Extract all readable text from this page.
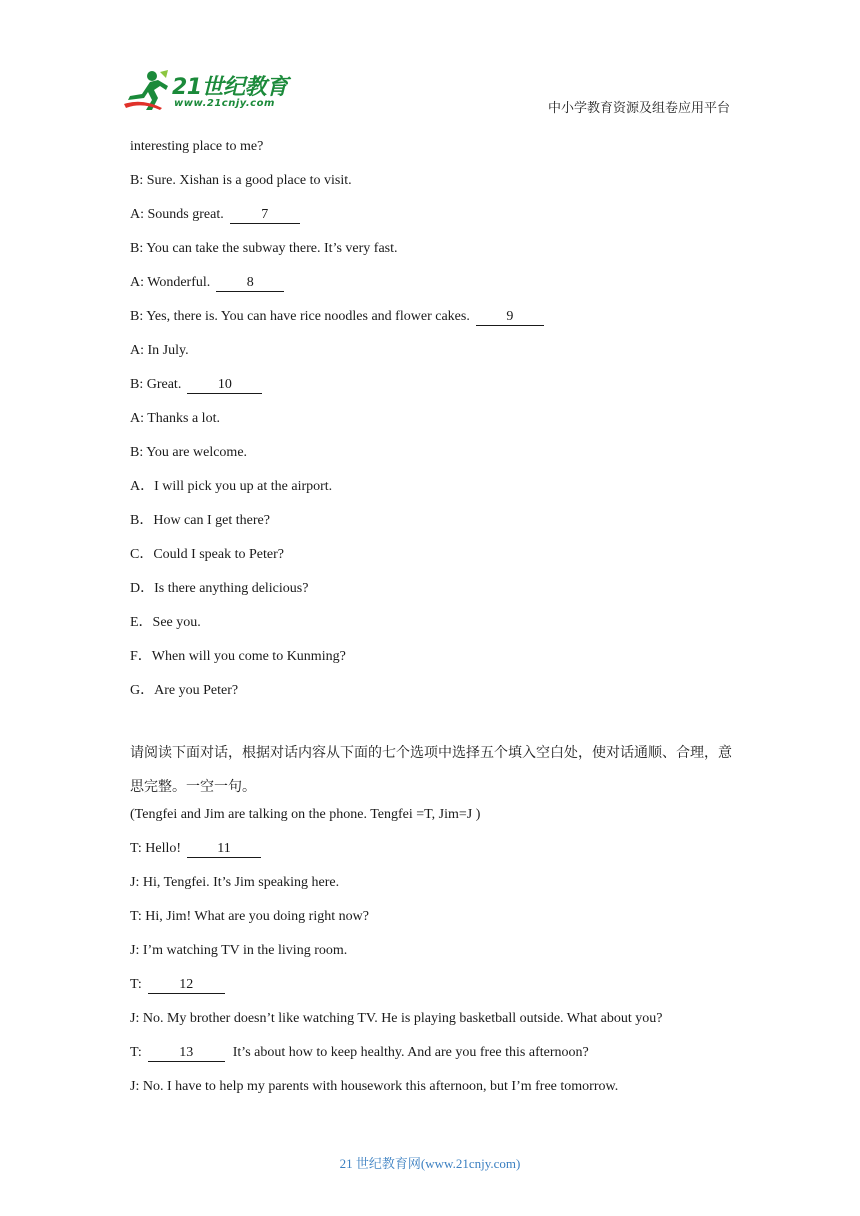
21世纪教育
www.21cnjy.com	中小学教育资源及组卷应用平台
interesting place to me?
B: Sure. Xishan is a good place to visit.
A: Sounds great.	7
B: You can take the subway there. It’s very fast.
A: Wonderful.	8
B: Yes, there is. You can have rice noodles and flower cakes.	9
A: In July.
B: Great.	10
A: Thanks a lot.
B: You are welcome.
A．I will pick you up at the airport.
B．How can I get there?
C．Could I speak to Peter?
D．Is there anything delicious?
E．See you.
F．When will you come to Kunming?
G．Are you Peter?
请阅读下面对话，根据对话内容从下面的七个选项中选择五个填入空白处，使对话通顺、合理，意思完整。一空一句。
(Tengfei and Jim are talking on the phone. Tengfei =T, Jim=J )
T: Hello!	11
J: Hi, Tengfei. It’s Jim speaking here.
T: Hi, Jim! What are you doing right now?
J: I’m watching TV in the living room.
T:	12
J: No. My brother doesn’t like watching TV. He is playing basketball outside. What about you?
T:	13	It’s about how to keep healthy. And are you free this afternoon?
J: No. I have to help my parents with housework this afternoon, but I’m free tomorrow.
21 世纪教育网(www.21cnjy.com)
